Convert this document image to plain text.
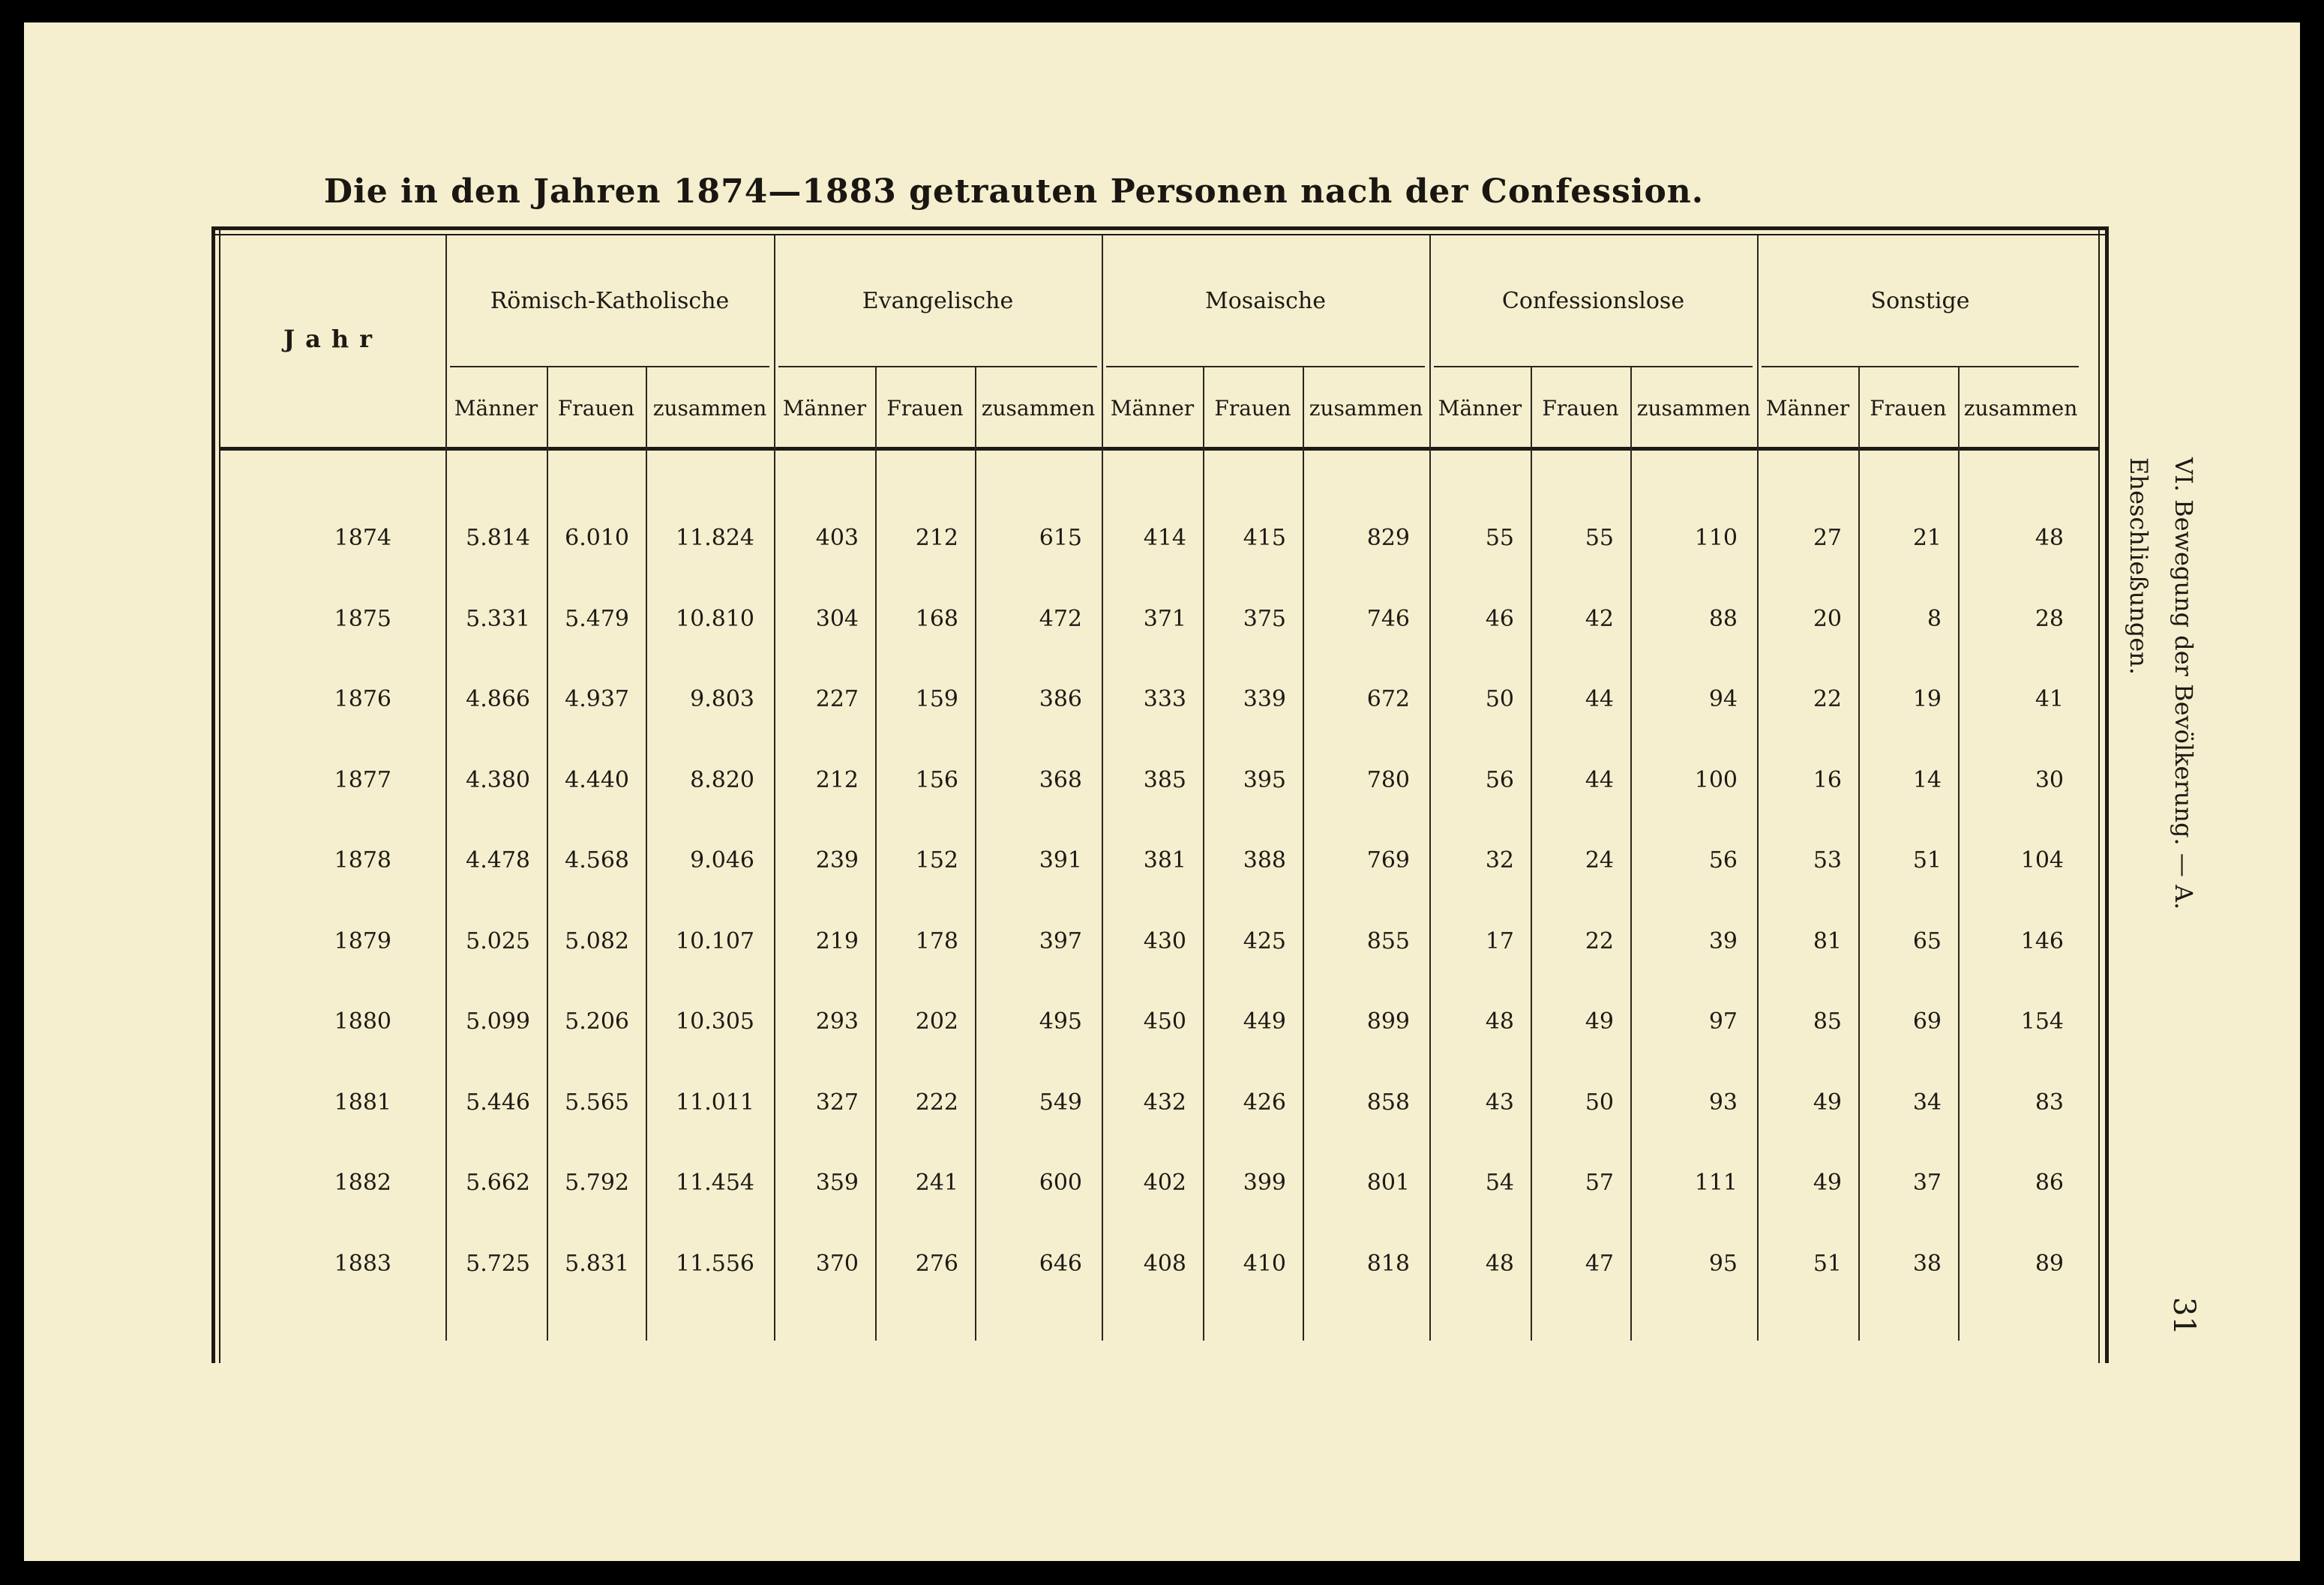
Die in den Jahren 1874—1883 getrauten Personen nach der Confession.
Jahr
Römisch-Katholische
Männer Frauen zusammen
Evangelische
Männer Frauen zusammen
Mosaische
Männer Frauen zusammen
Confessionslose
Männer Frauen zusammen
Sonstige
Männer Frauen zusammen
1874	5.814	6.010	11.824	403	212	615	414	415	829	55	55	110	27	21	48
1875	5.331	5.479	10.810	304	168	472	371	375	746	46	42	88	20	8	28
1876	4.866	4.937	9.803	227	159	386	333	339	672	50	44	94	22	19	41
1877	4.380	4.440	8.820	212	156	368	385	395	780	56	44	100	16	14	30
1878	4.478	4.568	9.046	239	152	391	381	388	769	32	24	56	53	51	104
1879	5.025	5.082	10.107	219	178	397	430	425	855	17	22	39	81	65	146
1880	5.099	5.206	10.305	293	202	495	450	449	899	48	49	97	85	69	154
1881	5.446	5.565	11.011	327	222	549	432	426	858	43	50	93	49	34	83
1882	5.662	5.792	11.454	359	241	600	402	399	801	54	57	111	49	37	86
1883	5.725	5.831	11.556	370	276	646	408	410	818	48	47	95	51	38	89
VI. Bewegung der Bevölkerung. — A. Eheschließungen.
31
